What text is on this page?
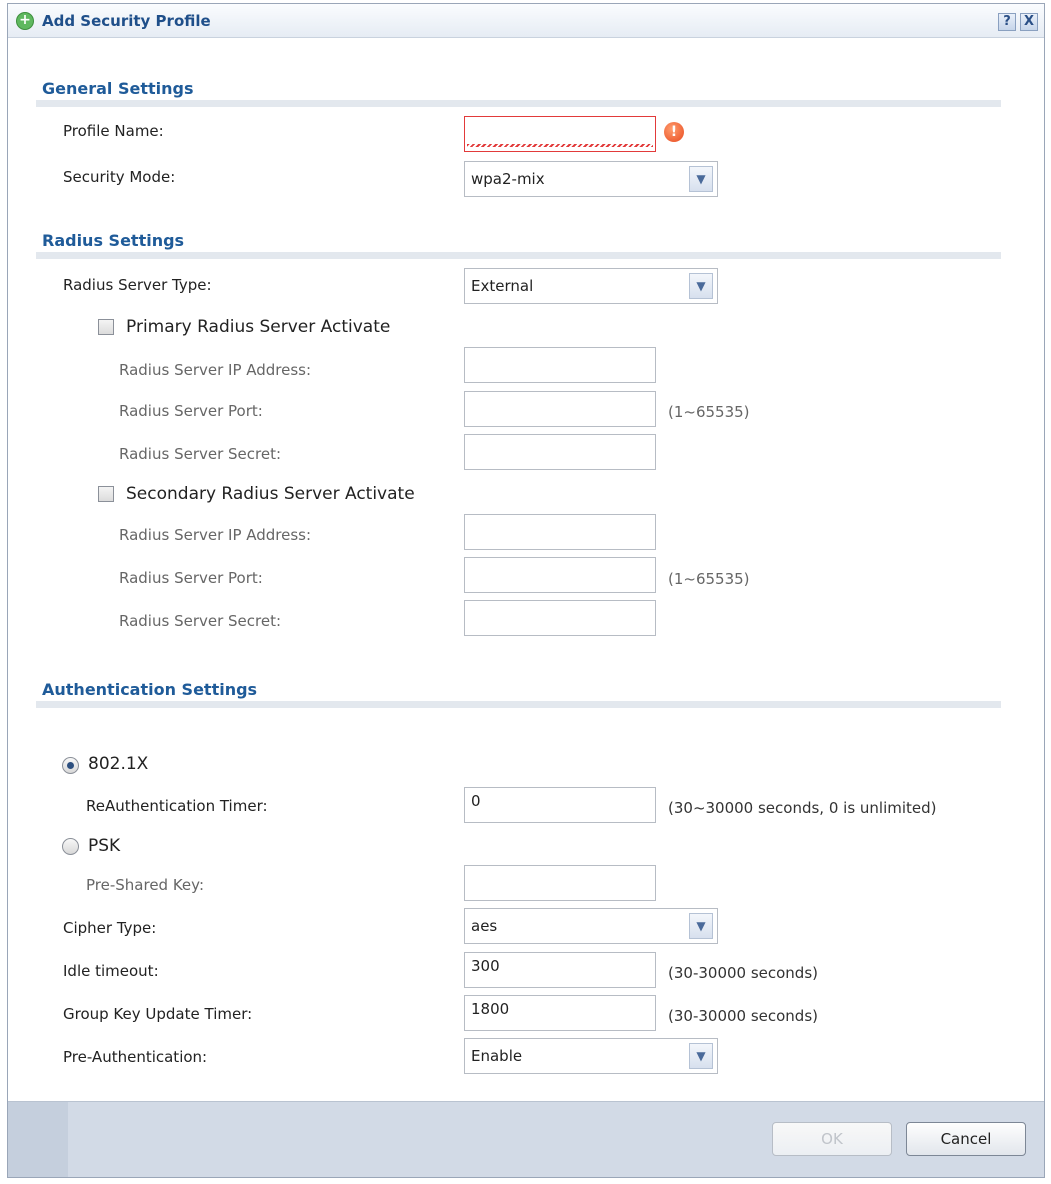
+ Add Security Profile	?	X
General Settings
Profile Name:	!
Security Mode:	wpa2-mix	▼
Radius Settings
Radius Server Type:	External	▼
Primary Radius Server Activate
Radius Server IP Address:
Radius Server Port:	(1~65535)
Radius Server Secret:
Secondary Radius Server Activate
Radius Server IP Address:
Radius Server Port:	(1~65535)
Radius Server Secret:
Authentication Settings
802.1X
ReAuthentication Timer:	0	(30~30000 seconds, 0 is unlimited)
PSK
Pre-Shared Key:
Cipher Type:	aes	▼
Idle timeout:	300	(30-30000 seconds)
Group Key Update Timer:	1800	(30-30000 seconds)
Pre-Authentication:	Enable	▼
OK	Cancel
